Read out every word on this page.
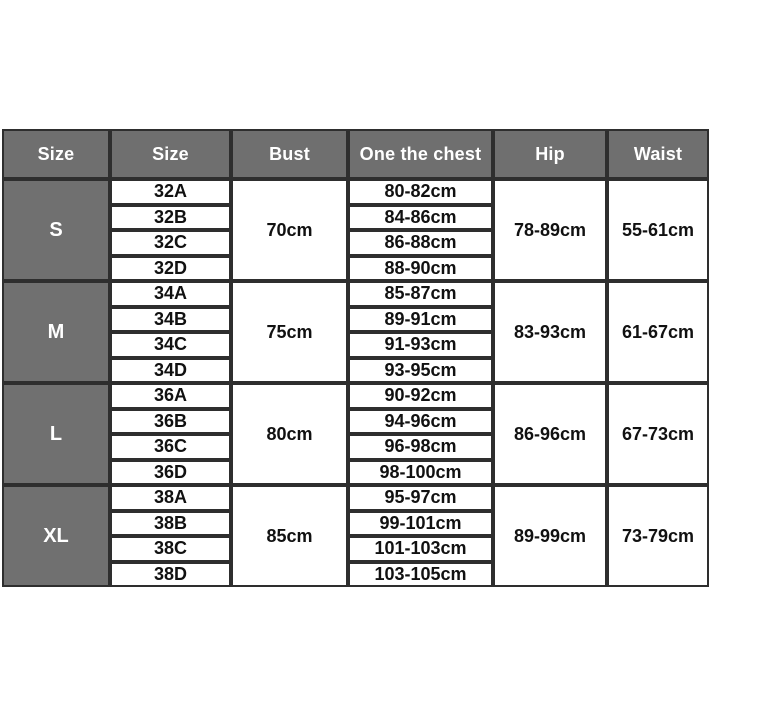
Size	Size	Bust	One the chest	Hip	Waist
S	32A	70cm	80-82cm	78-89cm	55-61cm
	32B		84-86cm		
	32C		86-88cm		
	32D		88-90cm		
M	34A	75cm	85-87cm	83-93cm	61-67cm
	34B		89-91cm		
	34C		91-93cm		
	34D		93-95cm		
L	36A	80cm	90-92cm	86-96cm	67-73cm
	36B		94-96cm		
	36C		96-98cm		
	36D		98-100cm		
XL	38A	85cm	95-97cm	89-99cm	73-79cm
	38B		99-101cm		
	38C		101-103cm		
	38D		103-105cm		
